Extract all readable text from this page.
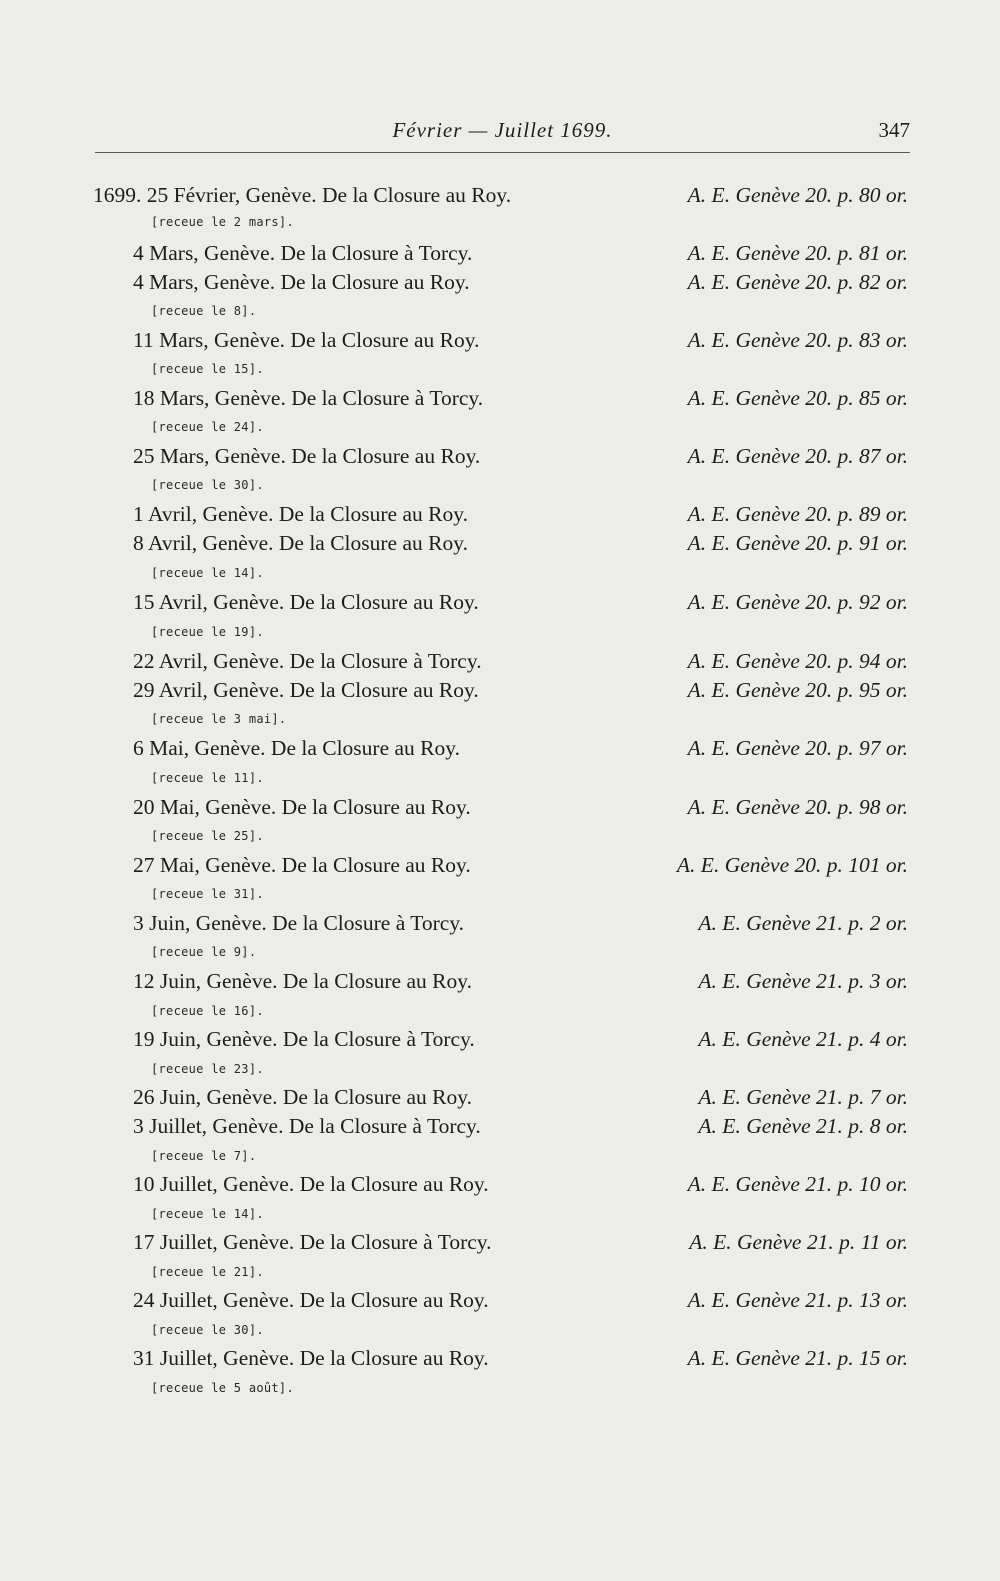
Février — Juillet 1699.	347
1699. 25 Février, Genève. De la Closure au Roy.	A. E. Genève 20. p. 80 or.
[receue le 2 mars].
4 Mars, Genève. De la Closure à Torcy.	A. E. Genève 20. p. 81 or.
4 Mars, Genève. De la Closure au Roy.	A. E. Genève 20. p. 82 or.
[receue le 8].
11 Mars, Genève. De la Closure au Roy.	A. E. Genève 20. p. 83 or.
[receue le 15].
18 Mars, Genève. De la Closure à Torcy.	A. E. Genève 20. p. 85 or.
[receue le 24].
25 Mars, Genève. De la Closure au Roy.	A. E. Genève 20. p. 87 or.
[receue le 30].
1 Avril, Genève. De la Closure au Roy.	A. E. Genève 20. p. 89 or.
8 Avril, Genève. De la Closure au Roy.	A. E. Genève 20. p. 91 or.
[receue le 14].
15 Avril, Genève. De la Closure au Roy.	A. E. Genève 20. p. 92 or.
[receue le 19].
22 Avril, Genève. De la Closure à Torcy.	A. E. Genève 20. p. 94 or.
29 Avril, Genève. De la Closure au Roy.	A. E. Genève 20. p. 95 or.
[receue le 3 mai].
6 Mai, Genève. De la Closure au Roy.	A. E. Genève 20. p. 97 or.
[receue le 11].
20 Mai, Genève. De la Closure au Roy.	A. E. Genève 20. p. 98 or.
[receue le 25].
27 Mai, Genève. De la Closure au Roy.	A. E. Genève 20. p. 101 or.
[receue le 31].
3 Juin, Genève. De la Closure à Torcy.	A. E. Genève 21. p. 2 or.
[receue le 9].
12 Juin, Genève. De la Closure au Roy.	A. E. Genève 21. p. 3 or.
[receue le 16].
19 Juin, Genève. De la Closure à Torcy.	A. E. Genève 21. p. 4 or.
[receue le 23].
26 Juin, Genève. De la Closure au Roy.	A. E. Genève 21. p. 7 or.
3 Juillet, Genève. De la Closure à Torcy.	A. E. Genève 21. p. 8 or.
[receue le 7].
10 Juillet, Genève. De la Closure au Roy.	A. E. Genève 21. p. 10 or.
[receue le 14].
17 Juillet, Genève. De la Closure à Torcy.	A. E. Genève 21. p. 11 or.
[receue le 21].
24 Juillet, Genève. De la Closure au Roy.	A. E. Genève 21. p. 13 or.
[receue le 30].
31 Juillet, Genève. De la Closure au Roy.	A. E. Genève 21. p. 15 or.
[receue le 5 août].
